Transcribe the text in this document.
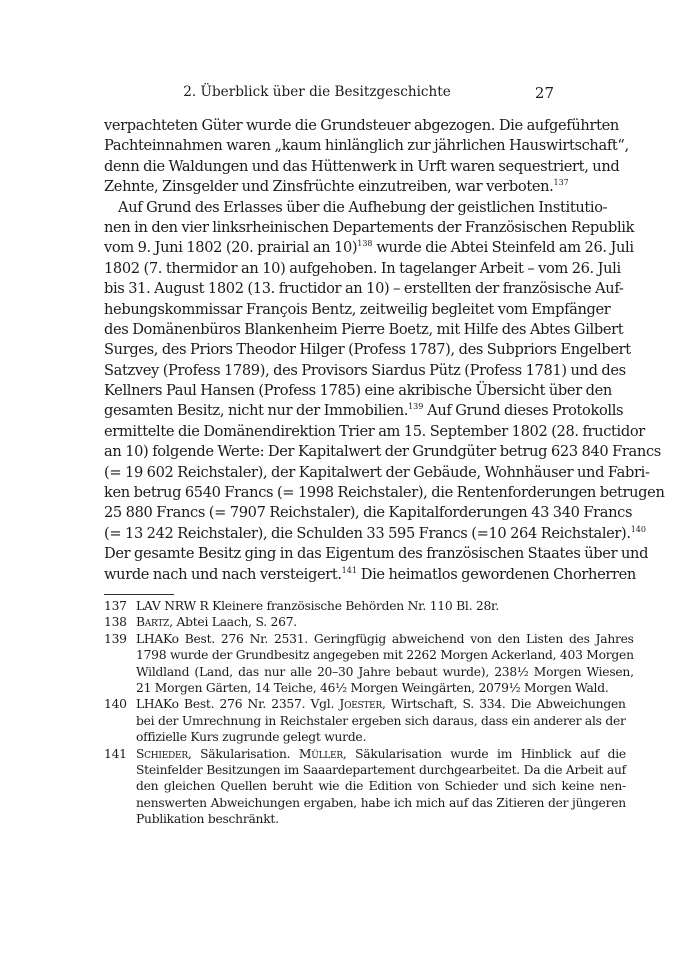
2. Überblick über die Besitzgeschichte	27
verpachteten Güter wurde die Grundsteuer abgezogen. Die aufgeführten
Pachteinnahmen waren „kaum hinlänglich zur jährlichen Hauswirtschaft“,
denn die Waldungen und das Hüttenwerk in Urft waren sequestriert, und
Zehnte, Zinsgelder und Zinsfrüchte einzutreiben, war verboten.$^{137}$
Auf Grund des Erlasses über die Aufhebung der geistlichen Institutio-
nen in den vier linksrheinischen Departements der Französischen Republik
vom 9. Juni 1802 (20. prairial an 10)$^{138}$ wurde die Abtei Steinfeld am 26. Juli
1802 (7. thermidor an 10) aufgehoben. In tagelanger Arbeit – vom 26. Juli
bis 31. August 1802 (13. fructidor an 10) – erstellten der französische Auf-
hebungskommissar François Bentz, zeitweilig begleitet vom Empfänger
des Domänenbüros Blankenheim Pierre Boetz, mit Hilfe des Abtes Gilbert
Surges, des Priors Theodor Hilger (Profess 1787), des Subpriors Engelbert
Satzvey (Profess 1789), des Provisors Siardus Pütz (Profess 1781) und des
Kellners Paul Hansen (Profess 1785) eine akribische Übersicht über den
gesamten Besitz, nicht nur der Immobilien.$^{139}$ Auf Grund dieses Protokolls
ermittelte die Domänendirektion Trier am 15. September 1802 (28. fructidor
an 10) folgende Werte: Der Kapitalwert der Grundgüter betrug 623 840 Francs
(= 19 602 Reichstaler), der Kapitalwert der Gebäude, Wohnhäuser und Fabri-
ken betrug 6540 Francs (= 1998 Reichstaler), die Rentenforderungen betrugen
25 880 Francs (= 7907 Reichstaler), die Kapitalforderungen 43 340 Francs
(= 13 242 Reichstaler), die Schulden 33 595 Francs (=10 264 Reichstaler).$^{140}$
Der gesamte Besitz ging in das Eigentum des französischen Staates über und
wurde nach und nach versteigert.$^{141}$ Die heimatlos gewordenen Chorherren
137 LAV NRW R Kleinere französische Behörden Nr. 110 Bl. 28r.
138 Bartz, Abtei Laach, S. 267.
139 LHAKo Best. 276 Nr. 2531. Geringfügig abweichend von den Listen des Jahres
1798 wurde der Grundbesitz angegeben mit 2262 Morgen Ackerland, 403 Morgen
Wildland (Land, das nur alle 20–30 Jahre bebaut wurde), 238½ Morgen Wiesen,
21 Morgen Gärten, 14 Teiche, 46½ Morgen Weingärten, 2079½ Morgen Wald.
140 LHAKo Best. 276 Nr. 2357. Vgl. Joester, Wirtschaft, S. 334. Die Abweichungen
bei der Umrechnung in Reichstaler ergeben sich daraus, dass ein anderer als der
offizielle Kurs zugrunde gelegt wurde.
141 Schieder, Säkularisation. Müller, Säkularisation wurde im Hinblick auf die
Steinfelder Besitzungen im Saaardepartement durchgearbeitet. Da die Arbeit auf
den gleichen Quellen beruht wie die Edition von Schieder und sich keine nen-
nenswerten Abweichungen ergaben, habe ich mich auf das Zitieren der jüngeren
Publikation beschränkt.
